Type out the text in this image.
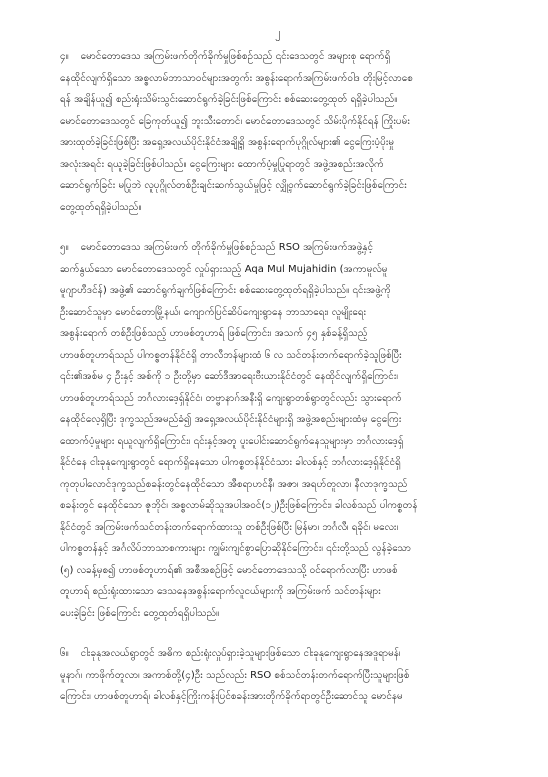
၂

၄။ မောင်တောဒေသ အကြမ်းဖက်တိုက်ခိုက်မှုဖြစ်စဉ်သည် ၎င်းဒေသတွင် အများစု ရောက်ရှိ
နေထိုင်လျက်ရှိသော အစ္စလာမ်ဘာသာဝင်များအတွက်း အစွန်းရောက်အကြမ်းဖက်ဝါဒ တိုးမြင့်လာစေ
ရန် အချိန်ယူ၍ စည်းရုံးသိမ်းသွင်းဆောင်ရွက်ခဲ့ခြင်းဖြစ်ကြောင်း စစ်ဆေးတွေ့ထုတ် ရရှိခဲ့ပါသည်။
မောင်တောဒေသတွင် ခြေကုတ်ယူ၍ ဘူးသီးတောင်၊ မောင်တောဒေသတွင် သိမ်းပိုက်နိုင်ရန် ကြိုးပမ်း
အားထုတ်ခဲ့ခြင်းဖြစ်ပြီး အရှေ့အလယ်ပိုင်းနိုင်ငံအချို့ရှိ အစွန်းရောက်ပုဂ္ဂိုလ်များ၏ ငွေကြေးပံ့ပိုးမှု
အလုံးအရင်း ရယူခဲ့ခြင်းဖြစ်ပါသည်။ ငွေကြေးများ ထောက်ပံ့မှုပြုရာတွင် အဖွဲ့အစည်းအလိုက်
ဆောင်ရွက်ခြင်း မပြုဘဲ လူပုဂ္ဂိုလ်တစ်ဦးချင်းဆက်သွယ်မှုဖြင့် လျှို့ဝှက်ဆောင်ရွက်ခဲ့ခြင်းဖြစ်ကြောင်း
တွေ့ထုတ်ရရှိခဲ့ပါသည်။

၅။ မောင်တောဒေသ အကြမ်းဖက် တိုက်ခိုက်မှုဖြစ်စဉ်သည် RSO အကြမ်းဖက်အဖွဲ့နှင့်
ဆက်နွယ်သော မောင်တောဒေသတွင် လှုပ်ရှားသည့် Aqa Mul Mujahidin (အကာမူလ်မူ
မူဂျာဟီဒင်န်) အဖွဲ့၏ ဆောင်ရွက်ချက်ဖြစ်ကြောင်း စစ်ဆေးတွေ့ထုတ်ရရှိခဲ့ပါသည်။ ၎င်းအဖွဲ့ကို
ဦးဆောင်သူမှာ မောင်တောမြို့နယ်၊ ကျောက်ပြင်ဆိပ်ကျေးရွာနေ ဘာသာရေး၊ လူမျိုးရေး
အစွန်းရောက် တစ်ဦးဖြစ်သည့် ဟာဖစ်တူဟာရ် ဖြစ်ကြောင်း၊ အသက် ၄၅ နှစ်ခန့်ရှိသည့်
ဟာဖစ်တူဟာရ်သည် ပါကစ္စတန်နိုင်ငံရှိ တာလီဘန်များထံ ၆ လ သင်တန်းတက်ရောက်ခဲ့သူဖြစ်ပြီး
၎င်း၏အစ်မ ၄ ဦးနှင့် အစ်ကို ၁ ဦးတို့မှာ ဆော်ဒီအာရေးဗီးယားနိုင်ငံတွင် နေထိုင်လျက်ရှိကြောင်း၊
ဟာဖစ်တူဟာရ်သည် ဘင်္ဂလားဒေ့ရှ်နိုင်ငံ၊ တဗ္ဗာနာဂ်အနီးရှိ ကျေးရွာတစ်ရွာတွင်လည်း သွားရောက်
နေထိုင်လေ့ရှိပြီး ဒုက္ခသည်အမည်ခံ၍ အရှေ့အလယ်ပိုင်းနိုင်ငံများရှိ အဖွဲ့အစည်းများထံမှ ငွေကြေး
ထောက်ပံ့မှုများ ရယူလျက်ရှိကြောင်း၊ ၎င်းနှင့်အတူ ပူးပေါင်းဆောင်ရွက်နေသူများမှာ ဘင်္ဂလားဒေ့ရှ်
နိုင်ငံနေ ငါးခုနုကျေးရွာတွင် ရောက်ရှိနေသော ပါကစ္စတန်နိုင်ငံသား ခါလစ်နှင့် ဘင်္ဂလားဒေ့ရှ်နိုင်ငံရှိ
ကုတုပါလောင်ဒုက္ခသည်စခန်းတွင်နေထိုင်သော အီစရာဟင်နီ၊ အဇာ၊ အရဟ်တူလာ၊ နီလာဒုက္ခသည်
စခန်းတွင် နေထိုင်သော ဇူဘိုင်၊ အစ္စလာမ်ဆိုသူအပါအဝင်(၁၂)ဦးဖြစ်ကြောင်း၊ ခါလစ်သည် ပါကစ္စတန်
နိုင်ငံတွင် အကြမ်းဖက်သင်တန်းတက်ရောက်ထားသူ တစ်ဦးဖြစ်ပြီး မြန်မာ၊ ဘင်္ဂလီ၊ ရခိုင်၊ မလေး၊
ပါကစ္စတန်နှင့် အင်္ဂလိပ်ဘာသာစကားများ ကျွမ်းကျင်စွာပြောဆိုနိုင်ကြောင်း၊ ၎င်းတို့သည် လွန်ခဲ့သော
(၅) လခန့်မှစ၍ ဟာဖစ်တူဟာရ်၏ အစီအစဉ်ဖြင့် မောင်တောဒေသသို့ ဝင်ရောက်လာပြီး ဟာဖစ်
တူဟာရ် စည်းရုံးထားသော ဒေသနေအစွန်းရောက်လူငယ်များကို အကြမ်းဖက် သင်တန်းများ
ပေးခဲ့ခြင်း ဖြစ်ကြောင်း တွေ့ထုတ်ရရှိပါသည်။

၆။ ငါးခုနုအလယ်ရွာတွင် အဓိက စည်းရုံးလှုပ်ရှားခဲ့သူများဖြစ်သော ငါးခုနုကျေးရွာနေအဒူရာမန်၊
မူနာဂ်၊ ကာဖိုက်တူလာ၊ အကာစ်တို့(၄)ဦး သည်လည်း RSO စစ်သင်တန်းတက်ရောက်ပြီးသူများဖြစ်
ကြောင်း၊ ဟာဖစ်တူဟာရ်၊ ခါလစ်နှင့်ကြိုးကန်းပြင်စခန်းအားတိုက်ခိုက်ရာတွင်ဦးဆောင်သူ မောင်နမ
